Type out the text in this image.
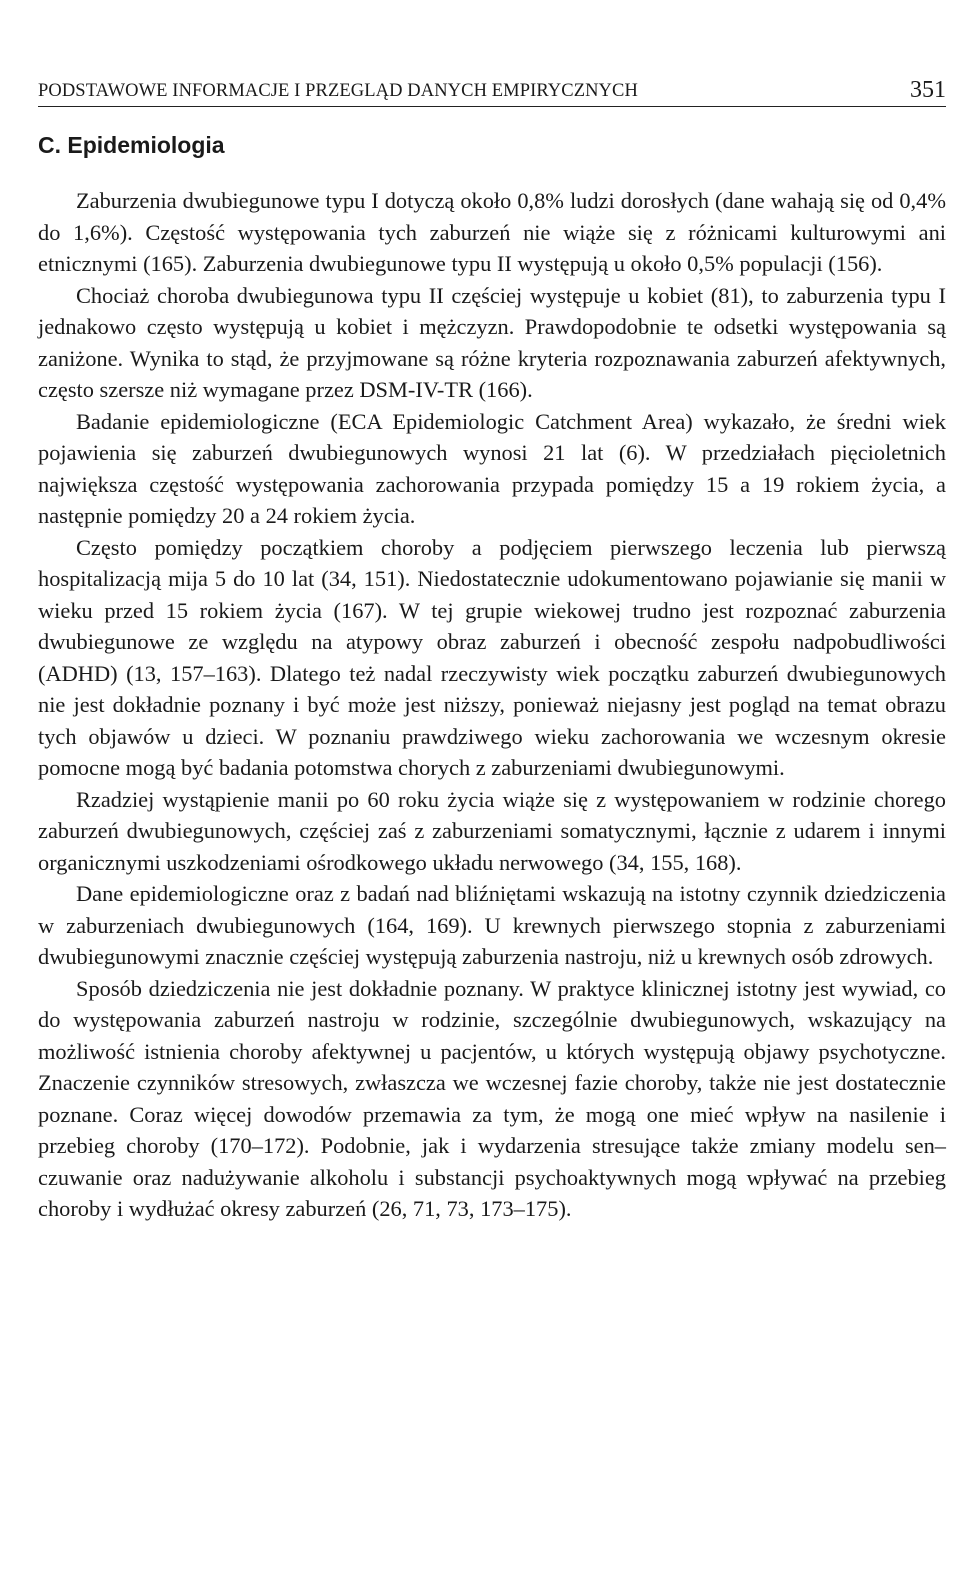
PODSTAWOWE INFORMACJE I PRZEGLĄD DANYCH EMPIRYCZNYCH	351
C. Epidemiologia

Zaburzenia dwubiegunowe typu I dotyczą około 0,8% ludzi dorosłych (dane wahają się od 0,4% do 1,6%). Częstość występowania tych zaburzeń nie wiąże się z różnicami kulturowymi ani etnicznymi (165). Zaburzenia dwubiegunowe typu II występują u około 0,5% populacji (156).

Chociaż choroba dwubiegunowa typu II częściej występuje u kobiet (81), to zaburzenia typu I jednakowo często występują u kobiet i mężczyzn. Prawdopodobnie te odsetki występowania są zaniżone. Wynika to stąd, że przyjmowane są różne kryteria rozpoznawania zaburzeń afektywnych, często szersze niż wymagane przez DSM-IV-TR (166).

Badanie epidemiologiczne (ECA Epidemiologic Catchment Area) wykazało, że średni wiek pojawienia się zaburzeń dwubiegunowych wynosi 21 lat (6). W przedziałach pięcioletnich największa częstość występowania zachorowania przypada pomiędzy 15 a 19 rokiem życia, a następnie pomiędzy 20 a 24 rokiem życia.

Często pomiędzy początkiem choroby a podjęciem pierwszego leczenia lub pierwszą hospitalizacją mija 5 do 10 lat (34, 151). Niedostatecznie udokumentowano pojawianie się manii w wieku przed 15 rokiem życia (167). W tej grupie wiekowej trudno jest rozpoznać zaburzenia dwubiegunowe ze względu na atypowy obraz zaburzeń i obecność zespołu nadpobudliwości (ADHD) (13, 157–163). Dlatego też nadal rzeczywisty wiek początku zaburzeń dwubiegunowych nie jest dokładnie poznany i być może jest niższy, ponieważ niejasny jest pogląd na temat obrazu tych objawów u dzieci. W poznaniu prawdziwego wieku zachorowania we wczesnym okresie pomocne mogą być badania potomstwa chorych z zaburzeniami dwubiegunowymi.

Rzadziej wystąpienie manii po 60 roku życia wiąże się z występowaniem w rodzinie chorego zaburzeń dwubiegunowych, częściej zaś z zaburzeniami somatycznymi, łącznie z udarem i innymi organicznymi uszkodzeniami ośrodkowego układu nerwowego (34, 155, 168).

Dane epidemiologiczne oraz z badań nad bliźniętami wskazują na istotny czynnik dziedziczenia w zaburzeniach dwubiegunowych (164, 169). U krewnych pierwszego stopnia z zaburzeniami dwubiegunowymi znacznie częściej występują zaburzenia nastroju, niż u krewnych osób zdrowych.

Sposób dziedziczenia nie jest dokładnie poznany. W praktyce klinicznej istotny jest wywiad, co do występowania zaburzeń nastroju w rodzinie, szczególnie dwubiegunowych, wskazujący na możliwość istnienia choroby afektywnej u pacjentów, u których występują objawy psychotyczne. Znaczenie czynników stresowych, zwłaszcza we wczesnej fazie choroby, także nie jest dostatecznie poznane. Coraz więcej dowodów przemawia za tym, że mogą one mieć wpływ na nasilenie i przebieg choroby (170–172). Podobnie, jak i wydarzenia stresujące także zmiany modelu sen–czuwanie oraz nadużywanie alkoholu i substancji psychoaktywnych mogą wpływać na przebieg choroby i wydłużać okresy zaburzeń (26, 71, 73, 173–175).
